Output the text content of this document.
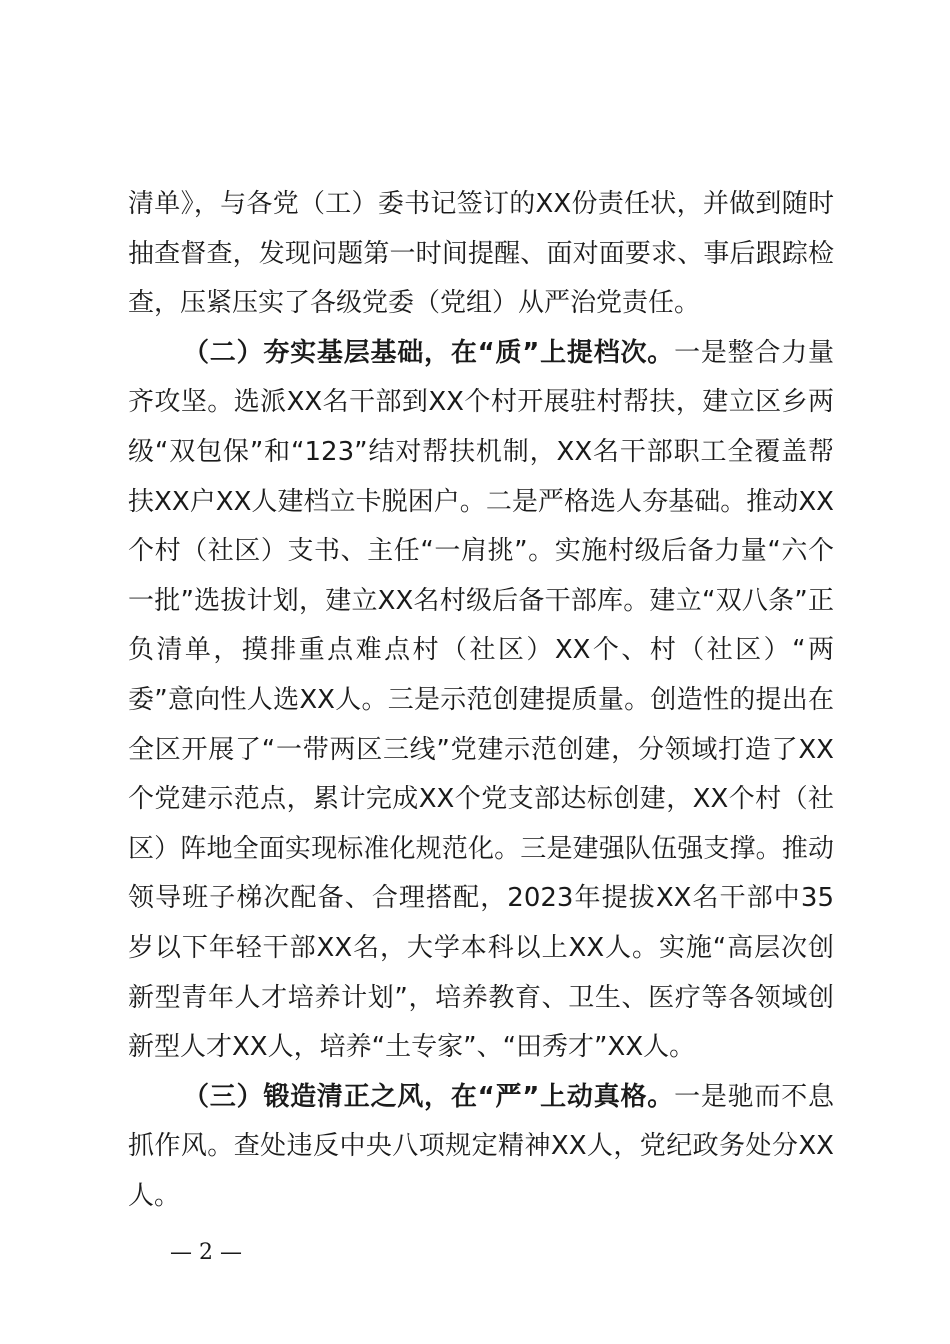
清单》，与各党（工）委书记签订的XX份责任状，并做到随时抽查督查，发现问题第一时间提醒、面对面要求、事后跟踪检查，压紧压实了各级党委（党组）从严治党责任。

（二）夯实基层基础，在“质”上提档次。一是整合力量齐攻坚。选派XX名干部到XX个村开展驻村帮扶，建立区乡两级“双包保”和“123”结对帮扶机制，XX名干部职工全覆盖帮扶XX户XX人建档立卡脱困户。二是严格选人夯基础。推动XX个村（社区）支书、主任“一肩挑”。实施村级后备力量“六个一批”选拔计划，建立XX名村级后备干部库。建立“双八条”正负清单，摸排重点难点村（社区）XX个、村（社区）“两委”意向性人选XX人。三是示范创建提质量。创造性的提出在全区开展了“一带两区三线”党建示范创建，分领域打造了XX个党建示范点，累计完成XX个党支部达标创建，XX个村（社区）阵地全面实现标准化规范化。三是建强队伍强支撑。推动领导班子梯次配备、合理搭配，2023年提拔XX名干部中35岁以下年轻干部XX名，大学本科以上XX人。实施“高层次创新型青年人才培养计划”，培养教育、卫生、医疗等各领域创新型人才XX人，培养“土专家”、“田秀才”XX人。

（三）锻造清正之风，在“严”上动真格。一是驰而不息抓作风。查处违反中央八项规定精神XX人，党纪政务处分XX人。

— 2 —
